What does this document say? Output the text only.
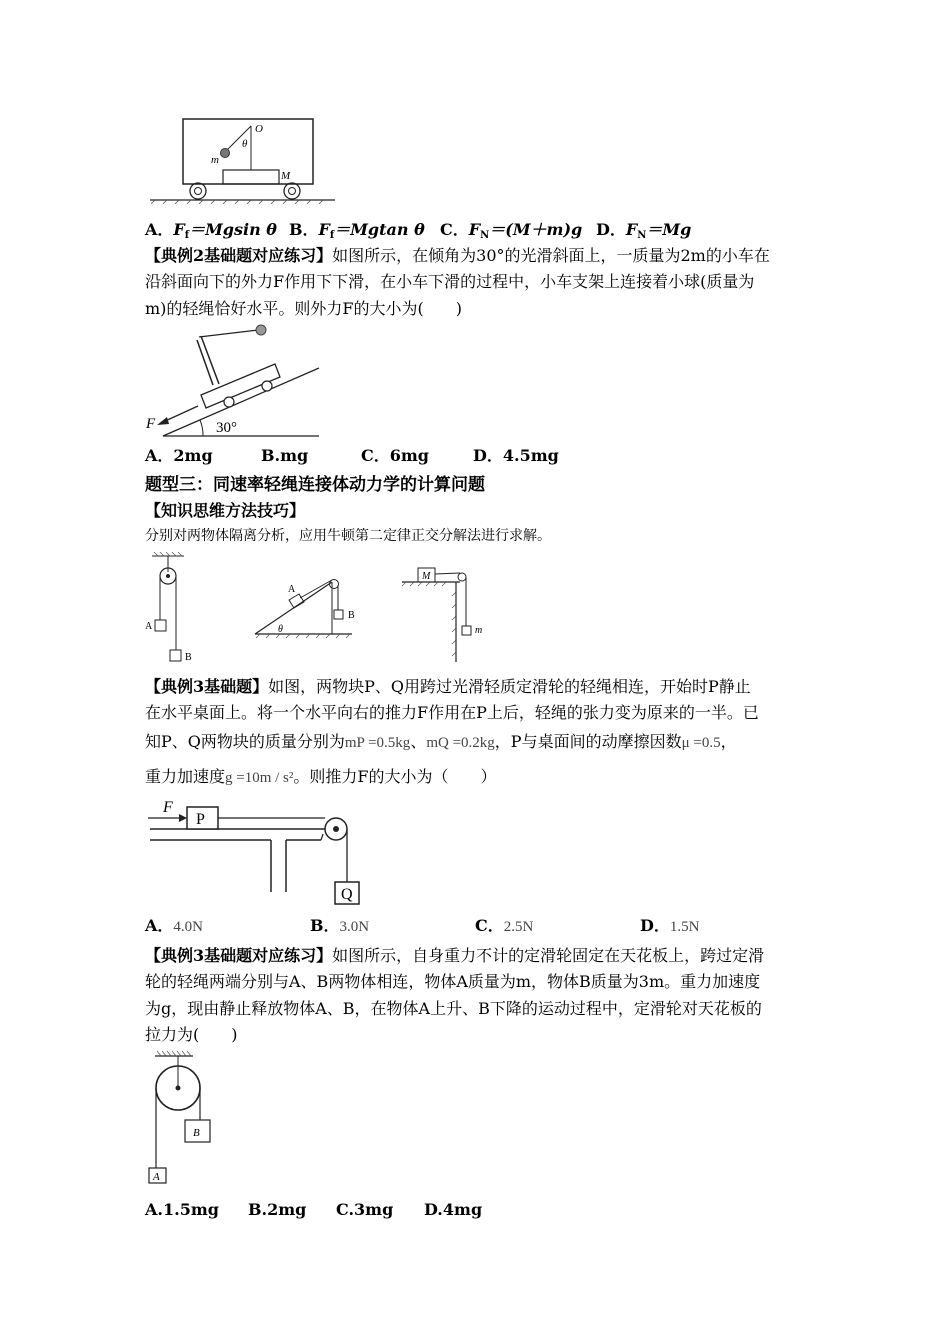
O
θ
m
M
A．$F_f=Mgsin$ θ B．$F_f=Mgtan$ θ C．$F_N=(M+m)g$ D．$F_N=Mg$
【典例2基础题对应练习】如图所示，在倾角为30°的光滑斜面上，一质量为2m的小车在
沿斜面向下的外力F作用下下滑，在小车下滑的过程中，小车支架上连接着小球(质量为
m)的轻绳恰好水平。则外力F的大小为(　　)
F	30°
A．2mg	B.mg	C．6mg	D．4.5mg
题型三：同速率轻绳连接体动力学的计算问题
【知识思维方法技巧】
分别对两物体隔离分析，应用牛顿第二定律正交分解法进行求解。
A
B
A
B
θ
M
m
【典例3基础题】如图，两物块P、Q用跨过光滑轻质定滑轮的轻绳相连，开始时P静止
在水平桌面上。将一个水平向右的推力F作用在P上后，轻绳的张力变为原来的一半。已
知P、Q两物块的质量分别为mP =0.5kg、mQ =0.2kg，P与桌面间的动摩擦因数μ =0.5，
重力加速度g =10m / s²。则推力F的大小为（　　）
F
P
Q
A．4.0N	B．3.0N	C．2.5N	D．1.5N
【典例3基础题对应练习】如图所示，自身重力不计的定滑轮固定在天花板上，跨过定滑
轮的轻绳两端分别与A、B两物体相连，物体A质量为m，物体B质量为3m。重力加速度
为g，现由静止释放物体A、B，在物体A上升、B下降的运动过程中，定滑轮对天花板的
拉力为(　　)
B
A
A.1.5mg B.2mg C.3mg D.4mg
